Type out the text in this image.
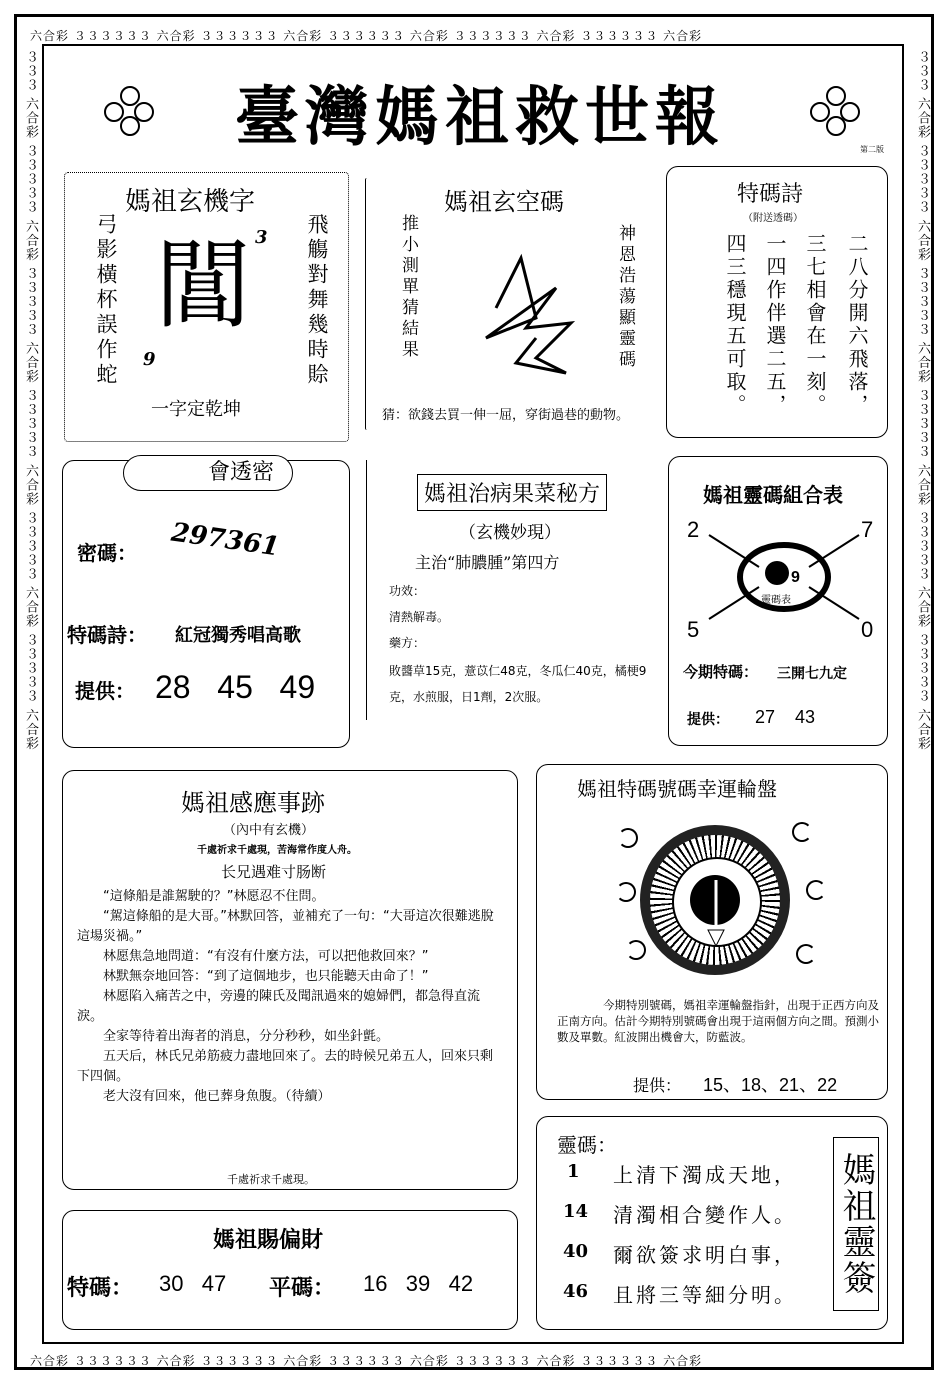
六合彩 ３３３３３３ 六合彩 ３３３３３３ 六合彩 ３３３３３３ 六合彩 ３３３３３３ 六合彩 ３３３３３３ 六合彩
六合彩 ３３３３３３ 六合彩 ３３３３３３ 六合彩 ３３３３３３ 六合彩 ３３３３３３ 六合彩 ３３３３３３ 六合彩
３３３ 六合彩 ３３３３３ 六合彩 ３３３３３ 六合彩 ３３３３３ 六合彩 ３３３３３ 六合彩 ３３３３３ 六合彩	３３３ 六合彩 ３３３３３ 六合彩 ３３３３３ 六合彩 ３３３３３ 六合彩 ３３３３３ 六合彩 ３３３３３ 六合彩
臺灣媽祖救世報	第二版
媽祖玄機字
弓影橫杯誤作蛇	飛觴對舞幾時賒
閶 3
9
一字定乾坤
媽祖玄空碼
推小測單猜結果	神恩浩蕩顯靈碼
猜：欲錢去買一伸一屈，穿街過巷的動物。
特碼詩
（附送透碼）
二八分開六飛落，
三七相會在一刻。
一四作伴選二五，
四三穩現五可取。
會透密
密碼： 297361
特碼詩： 紅冠獨秀唱高歌
提供： 28   45   49
媽祖治病果菜秘方
（玄機妙現）
主治“肺膿腫”第四方
功效：
清熱解毒。
藥方：
敗醬草15克，薏苡仁48克，冬瓜仁40克，橘梗9克，水煎服，日1劑，2次服。
媽祖靈碼組合表
2	7
5	0
9
靈碼表
今期特碼： 三開七九定
提供： 27    43
媽祖感應事跡
（內中有玄機）
千處祈求千處現，苦海常作度人舟。
长兄遇难寸肠断

“這條船是誰駕駛的？”林愿忍不住問。

“駕這條船的是大哥。”林默回答，並補充了一句：“大哥這次很難逃脫這場災禍。”

林愿焦急地問道：“有沒有什麼方法，可以把他救回來？”

林默無奈地回答：“到了這個地步，也只能聽天由命了！”

林愿陷入痛苦之中，旁邊的陳氏及聞訊過來的媳婦們，都急得直流淚。

全家等待着出海者的消息，分分秒秒，如坐針氈。

五天后，林氏兄弟筋疲力盡地回來了。去的時候兄弟五人，回來只剩下四個。

老大沒有回來，他已葬身魚腹。（待續）

千處祈求千處現。
媽祖特碼號碼幸運輪盤
今期特別號碼，媽祖幸運輪盤指針，出現于正西方向及正南方向。估計今期特別號碼會出現于這兩個方向之間。預測小數及單數。紅波開出機會大，防藍波。
提供： 15、18、21、22
媽祖賜偏財
特碼： 30   47 平碼： 16   39   42
靈碼：
1 上清下濁成天地，
14 清濁相合變作人。
40 爾欲簽求明白事，
46 且將三等細分明。 媽祖靈簽
